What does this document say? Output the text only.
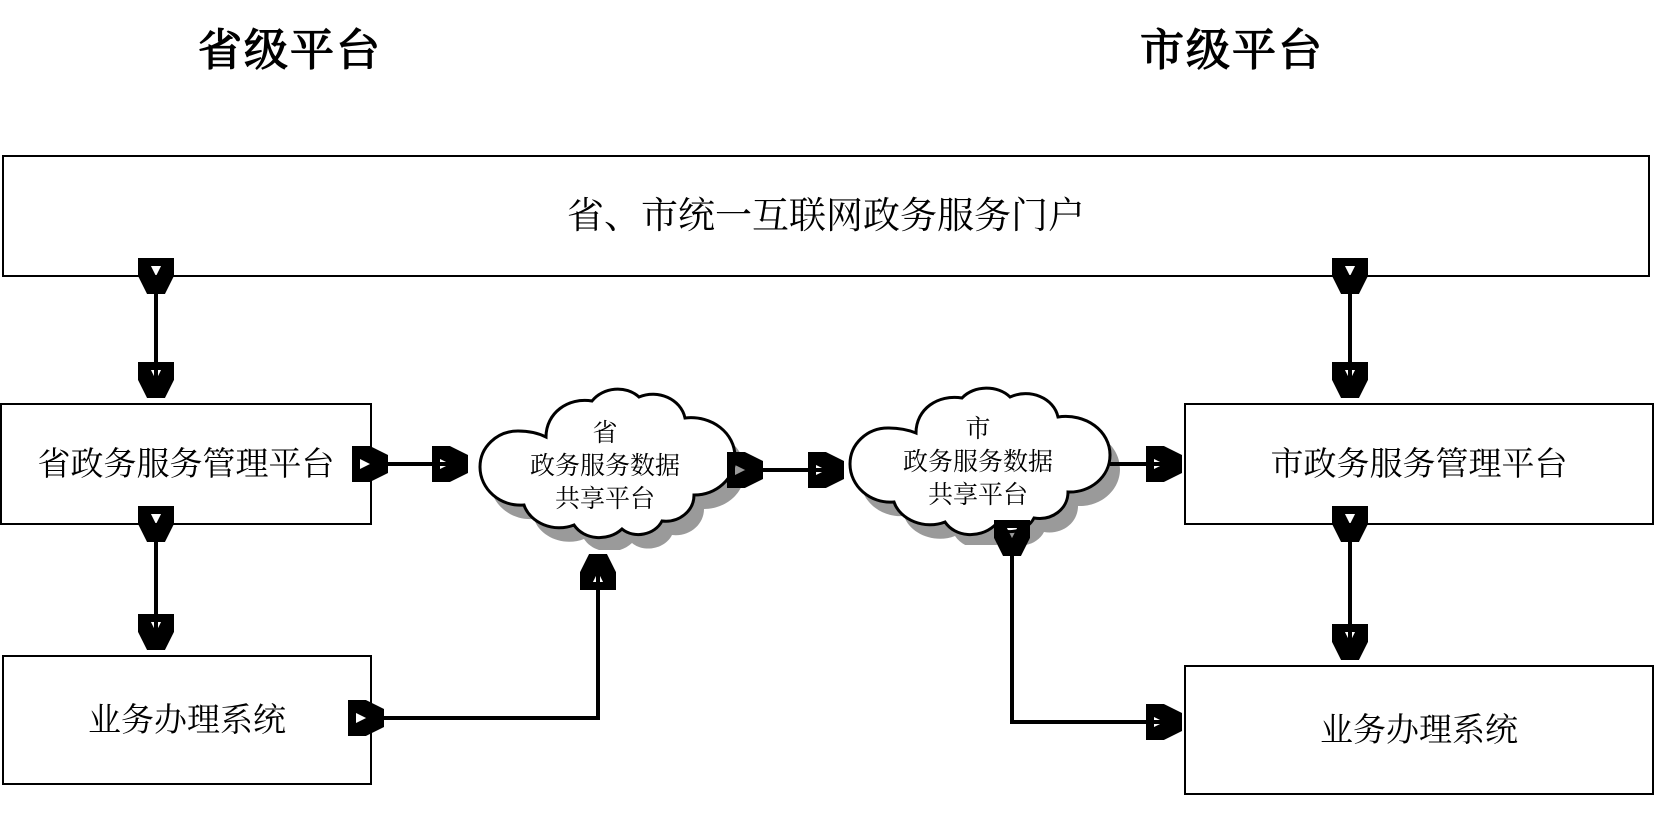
省级平台	市级平台
省、市统一互联网政务服务门户
省政务服务管理平台	市政务服务管理平台
业务办理系统	业务办理系统
省
政务服务数据
共享平台
市
政务服务数据
共享平台
